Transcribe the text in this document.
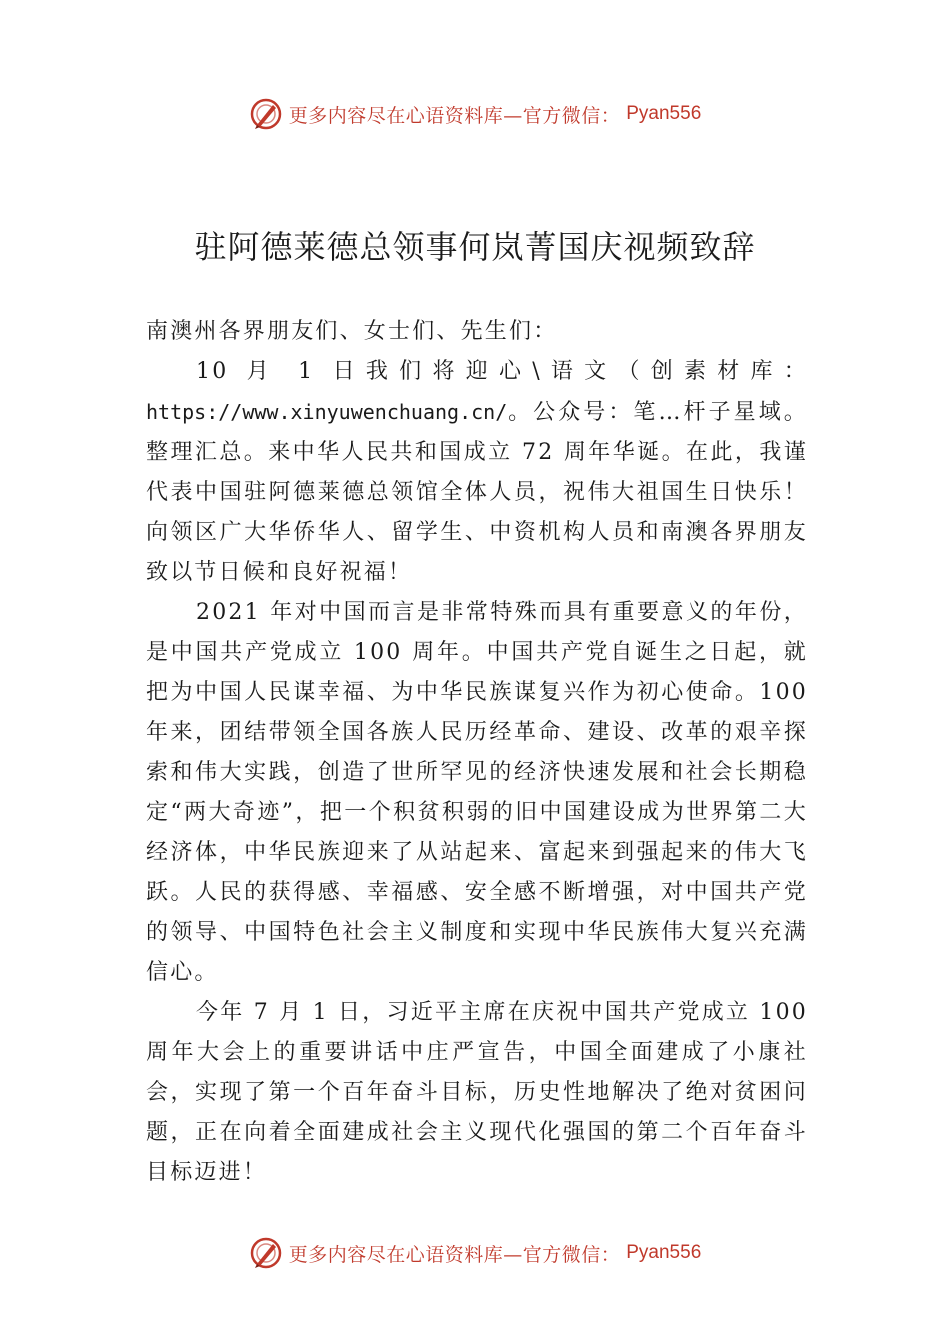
更多内容尽在心语资料库—官方微信： Pyan556
驻阿德莱德总领事何岚菁国庆视频致辞

南澳州各界朋友们、女士们、先生们：

10 月 1 日我们将迎心\语文（创素材库：https://www.xinyuwenchuang.cn/。公众号：笔…杆子星域。整理汇总。来中华人民共和国成立 72 周年华诞。在此，我谨代表中国驻阿德莱德总领馆全体人员，祝伟大祖国生日快乐！向领区广大华侨华人、留学生、中资机构人员和南澳各界朋友致以节日候和良好祝福！

2021 年对中国而言是非常特殊而具有重要意义的年份，是中国共产党成立 100 周年。中国共产党自诞生之日起，就把为中国人民谋幸福、为中华民族谋复兴作为初心使命。100 年来，团结带领全国各族人民历经革命、建设、改革的艰辛探索和伟大实践，创造了世所罕见的经济快速发展和社会长期稳定“两大奇迹”，把一个积贫积弱的旧中国建设成为世界第二大经济体，中华民族迎来了从站起来、富起来到强起来的伟大飞跃。人民的获得感、幸福感、安全感不断增强，对中国共产党的领导、中国特色社会主义制度和实现中华民族伟大复兴充满信心。

今年 7 月 1 日，习近平主席在庆祝中国共产党成立 100 周年大会上的重要讲话中庄严宣告，中国全面建成了小康社会，实现了第一个百年奋斗目标，历史性地解决了绝对贫困问题，正在向着全面建成社会主义现代化强国的第二个百年奋斗目标迈进！

更多内容尽在心语资料库—官方微信： Pyan556
